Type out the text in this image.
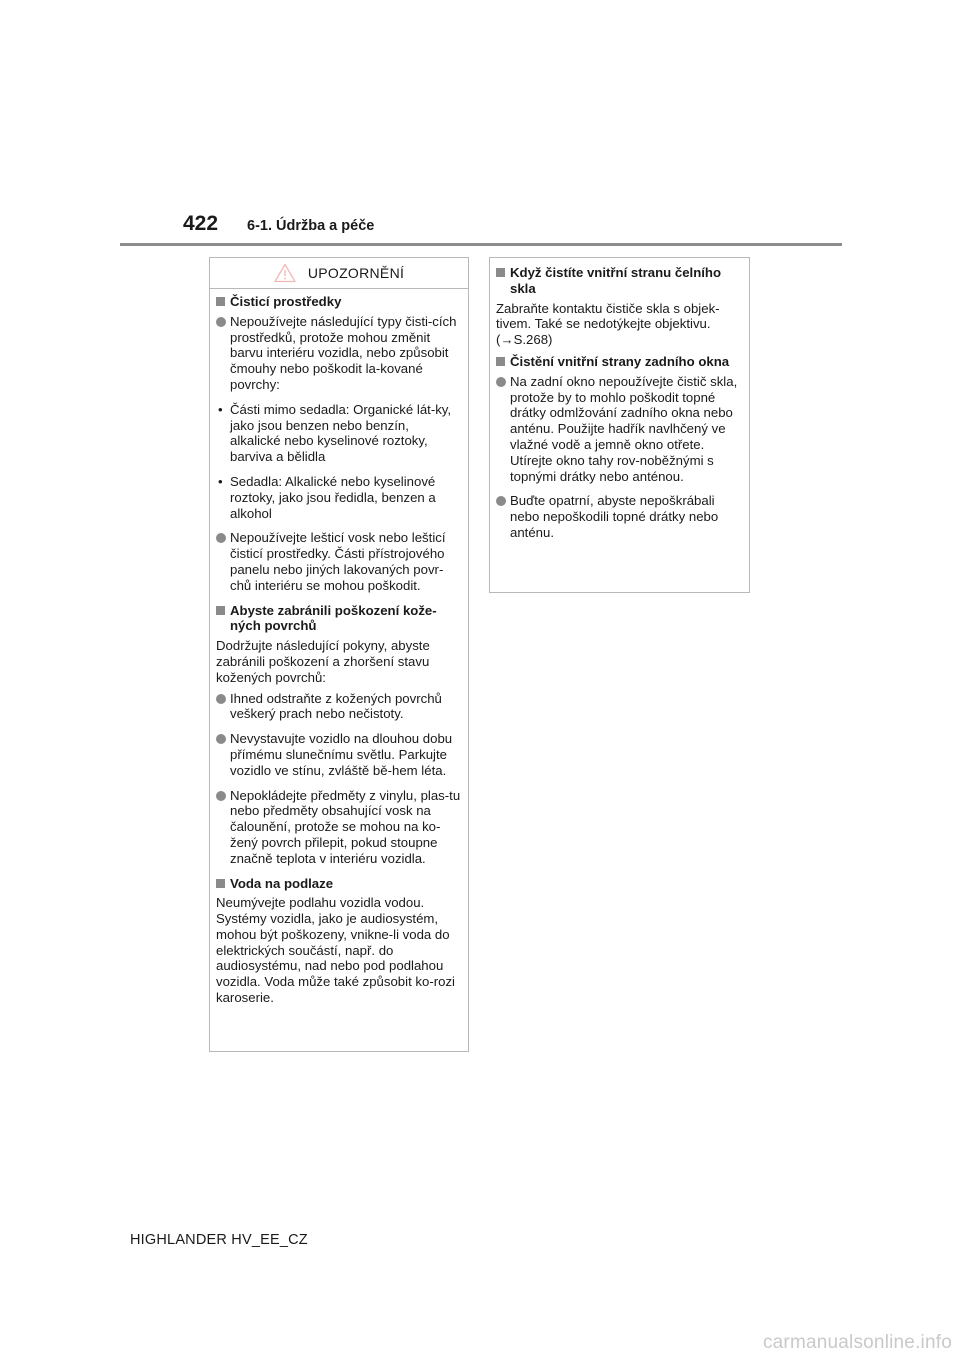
422 6-1. Údržba a péče
UPOZORNĚNÍ
Čisticí prostředky
Nepoužívejte následující typy čisti-cích prostředků, protože mohou změnit barvu interiéru vozidla, nebo způsobit čmouhy nebo poškodit la-kované povrchy:
• Části mimo sedadla: Organické lát-ky, jako jsou benzen nebo benzín, alkalické nebo kyselinové roztoky, barviva a bělidla
• Sedadla: Alkalické nebo kyselinové roztoky, jako jsou ředidla, benzen a alkohol
Nepoužívejte lešticí vosk nebo lešticí čisticí prostředky. Části přístrojového panelu nebo jiných lakovaných povr-chů interiéru se mohou poškodit.
Abyste zabránili poškození kože-ných povrchů
Dodržujte následující pokyny, abyste zabránili poškození a zhoršení stavu kožených povrchů:
Ihned odstraňte z kožených povrchů veškerý prach nebo nečistoty.
Nevystavujte vozidlo na dlouhou dobu přímému slunečnímu světlu. Parkujte vozidlo ve stínu, zvláště bě-hem léta.
Nepokládejte předměty z vinylu, plas-tu nebo předměty obsahující vosk na čalounění, protože se mohou na ko-žený povrch přilepit, pokud stoupne značně teplota v interiéru vozidla.
Voda na podlaze
Neumývejte podlahu vozidla vodou. Systémy vozidla, jako je audiosystém, mohou být poškozeny, vnikne-li voda do elektrických součástí, např. do audiosystému, nad nebo pod podlahou vozidla. Voda může také způsobit ko-rozi karoserie.
Když čistíte vnitřní stranu čelního skla
Zabraňte kontaktu čističe skla s objek-tivem. Také se nedotýkejte objektivu.
(→S.268)
Čistění vnitřní strany zadního okna
Na zadní okno nepoužívejte čistič skla, protože by to mohlo poškodit topné drátky odmlžování zadního okna nebo anténu. Použijte hadřík navlhčený ve vlažné vodě a jemně okno otřete. Utírejte okno tahy rov-noběžnými s topnými drátky nebo anténou.
Buďte opatrní, abyste nepoškrábali nebo nepoškodili topné drátky nebo anténu.
HIGHLANDER HV_EE_CZ
carmanualsonline.info
